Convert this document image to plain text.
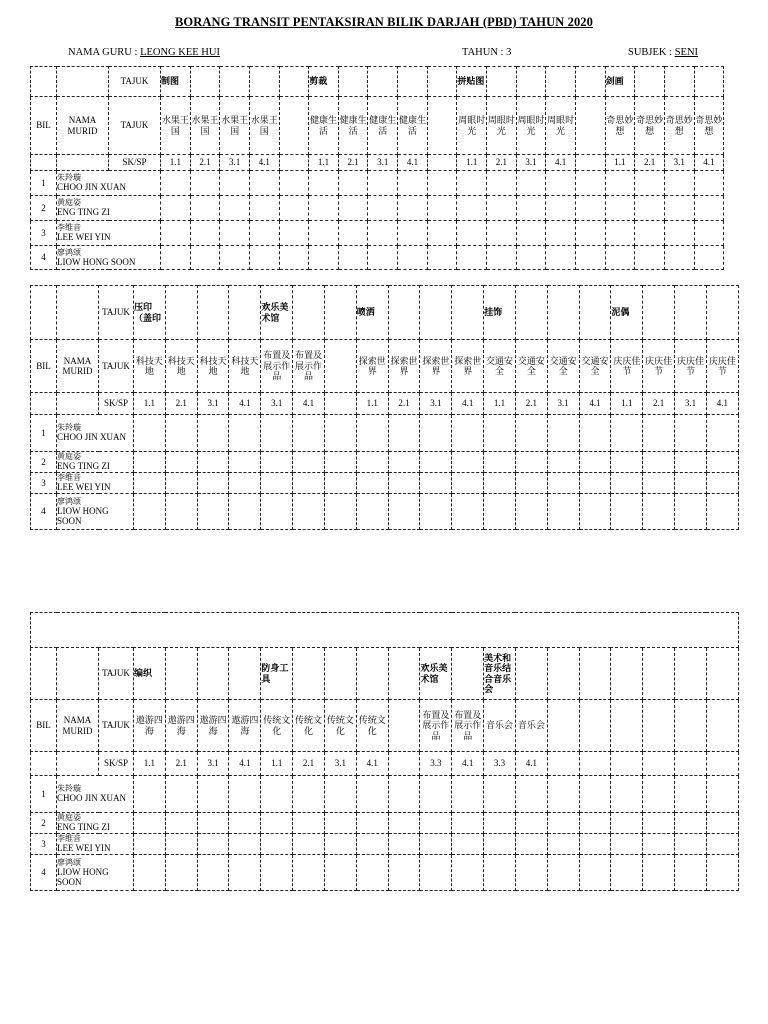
BORANG TRANSIT PENTAKSIRAN BILIK DARJAH (PBD) TAHUN 2020
NAMA GURU : LEONG KEE HUI	TAHUN : 3	SUBJEK : SENI
		TAJUK	制图					剪裁					拼贴图					剑画			
BIL	NAMA MURID	TAJUK	水果王国	水果王国	水果王国	水果王国		健康生活	健康生活	健康生活	健康生活		周眼时光	周眼时光	周眼时光	周眼时光		奇思妙想	奇思妙想	奇思妙想	奇思妙想
		SK/SP	1.1	2.1	3.1	4.1		1.1	2.1	3.1	4.1		1.1	2.1	3.1	4.1		1.1	2.1	3.1	4.1
1	朱羚璇
CHOO JIN XUAN																				
2	黄庭姿
ENG TING ZI																				
3	李维音
LEE WEI YIN																				
4	廖鸿颂
LIOW HONG SOON																				
		TAJUK	压印（盖印				欢乐美术馆			喷洒				挂饰				泥偶			
BIL	NAMA MURID	TAJUK	科技天地	科技天地	科技天地	科技天地	布置及展示作品	布置及展示作品		探索世界	探索世界	探索世界	探索世界	交通安全	交通安全	交通安全	交通安全	庆庆佳节	庆庆佳节	庆庆佳节	庆庆佳节
		SK/SP	1.1	2.1	3.1	4.1	3.1	4.1		1.1	2.1	3.1	4.1	1.1	2.1	3.1	4.1	1.1	2.1	3.1	4.1
1	朱羚璇
CHOO JIN XUAN																				
2	黄庭姿
ENG TING ZI																				
3	李维音
LEE WEI YIN																				
4	廖鸿颂
LIOW HONG SOON																				

		TAJUK	编织				防身工具					欢乐美术馆		美术和音乐结合音乐会							
BIL	NAMA MURID	TAJUK	遨游四海	遨游四海	遨游四海	遨游四海	传统文化	传统文化	传统文化	传统文化		布置及展示作品	布置及展示作品	音乐会	音乐会						
		SK/SP	1.1	2.1	3.1	4.1	1.1	2.1	3.1	4.1		3.3	4.1	3.3	4.1						
1	朱羚璇
CHOO JIN XUAN																				
2	黄庭姿
ENG TING ZI																				
3	李维音
LEE WEI YIN																				
4	廖鸿颂
LIOW HONG SOON																				
